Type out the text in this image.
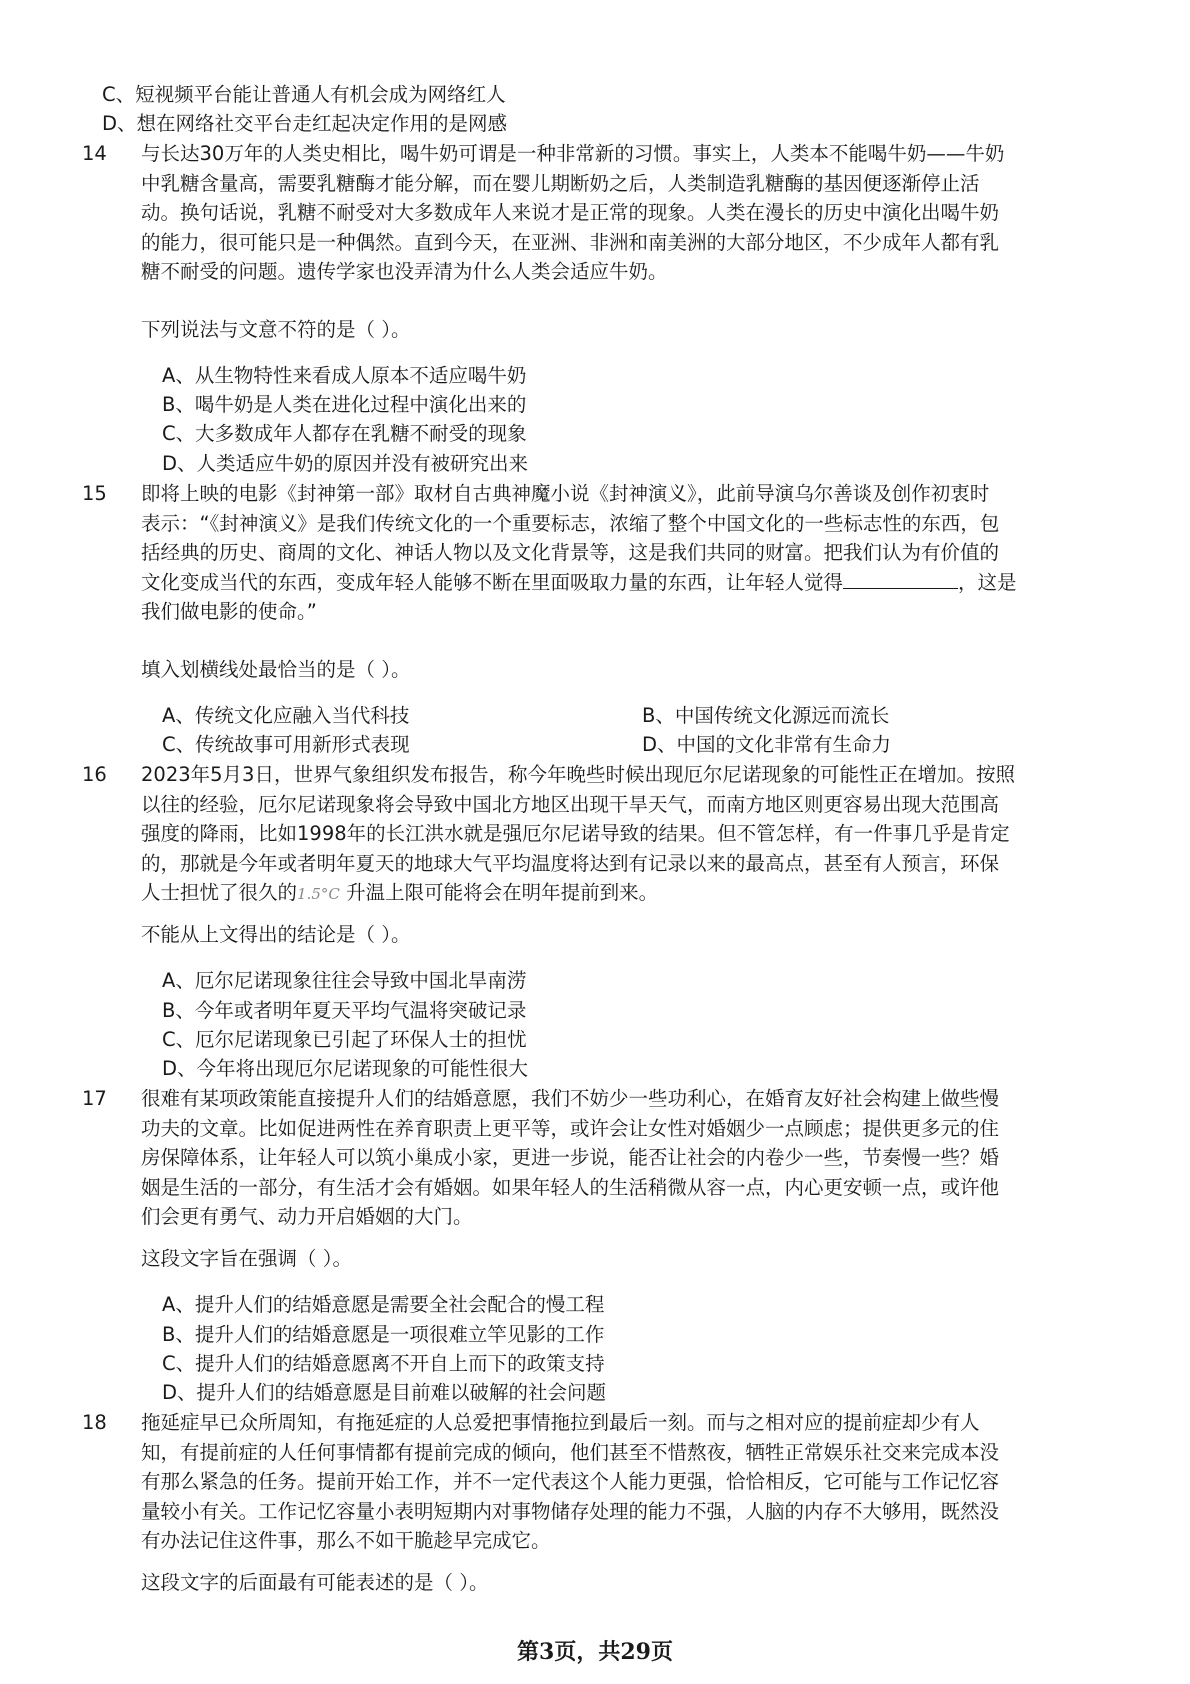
C、短视频平台能让普通人有机会成为网络红人
D、想在网络社交平台走红起决定作用的是网感
14 与长达30万年的人类史相比，喝牛奶可谓是一种非常新的习惯。事实上，人类本不能喝牛奶——牛奶
中乳糖含量高，需要乳糖酶才能分解，而在婴儿期断奶之后，人类制造乳糖酶的基因便逐渐停止活
动。换句话说，乳糖不耐受对大多数成年人来说才是正常的现象。人类在漫长的历史中演化出喝牛奶
的能力，很可能只是一种偶然。直到今天，在亚洲、非洲和南美洲的大部分地区，不少成年人都有乳
糖不耐受的问题。遗传学家也没弄清为什么人类会适应牛奶。
下列说法与文意不符的是（ ）。
A、从生物特性来看成人原本不适应喝牛奶
B、喝牛奶是人类在进化过程中演化出来的
C、大多数成年人都存在乳糖不耐受的现象
D、人类适应牛奶的原因并没有被研究出来
15 即将上映的电影《封神第一部》取材自古典神魔小说《封神演义》，此前导演乌尔善谈及创作初衷时
表示：“《封神演义》是我们传统文化的一个重要标志，浓缩了整个中国文化的一些标志性的东西，包
括经典的历史、商周的文化、神话人物以及文化背景等，这是我们共同的财富。把我们认为有价值的
文化变成当代的东西，变成年轻人能够不断在里面吸取力量的东西，让年轻人觉得	，这是
我们做电影的使命。”
填入划横线处最恰当的是（ ）。
A、传统文化应融入当代科技	B、中国传统文化源远而流长
C、传统故事可用新形式表现	D、中国的文化非常有生命力
16 2023年5月3日，世界气象组织发布报告，称今年晚些时候出现厄尔尼诺现象的可能性正在增加。按照
以往的经验，厄尔尼诺现象将会导致中国北方地区出现干旱天气，而南方地区则更容易出现大范围高
强度的降雨，比如1998年的长江洪水就是强厄尔尼诺导致的结果。但不管怎样，有一件事几乎是肯定
的，那就是今年或者明年夏天的地球大气平均温度将达到有记录以来的最高点，甚至有人预言，环保
人士担忧了很久的1.5°C 升温上限可能将会在明年提前到来。
不能从上文得出的结论是（ ）。
A、厄尔尼诺现象往往会导致中国北旱南涝
B、今年或者明年夏天平均气温将突破记录
C、厄尔尼诺现象已引起了环保人士的担忧
D、今年将出现厄尔尼诺现象的可能性很大
17 很难有某项政策能直接提升人们的结婚意愿，我们不妨少一些功利心，在婚育友好社会构建上做些慢
功夫的文章。比如促进两性在养育职责上更平等，或许会让女性对婚姻少一点顾虑；提供更多元的住
房保障体系，让年轻人可以筑小巢成小家，更进一步说，能否让社会的内卷少一些，节奏慢一些？婚
姻是生活的一部分，有生活才会有婚姻。如果年轻人的生活稍微从容一点，内心更安顿一点，或许他
们会更有勇气、动力开启婚姻的大门。
这段文字旨在强调（ ）。
A、提升人们的结婚意愿是需要全社会配合的慢工程
B、提升人们的结婚意愿是一项很难立竿见影的工作
C、提升人们的结婚意愿离不开自上而下的政策支持
D、提升人们的结婚意愿是目前难以破解的社会问题
18 拖延症早已众所周知，有拖延症的人总爱把事情拖拉到最后一刻。而与之相对应的提前症却少有人
知，有提前症的人任何事情都有提前完成的倾向，他们甚至不惜熬夜，牺牲正常娱乐社交来完成本没
有那么紧急的任务。提前开始工作，并不一定代表这个人能力更强，恰恰相反，它可能与工作记忆容
量较小有关。工作记忆容量小表明短期内对事物储存处理的能力不强，人脑的内存不大够用，既然没
有办法记住这件事，那么不如干脆趁早完成它。
这段文字的后面最有可能表述的是（ ）。
第3页，共29页
